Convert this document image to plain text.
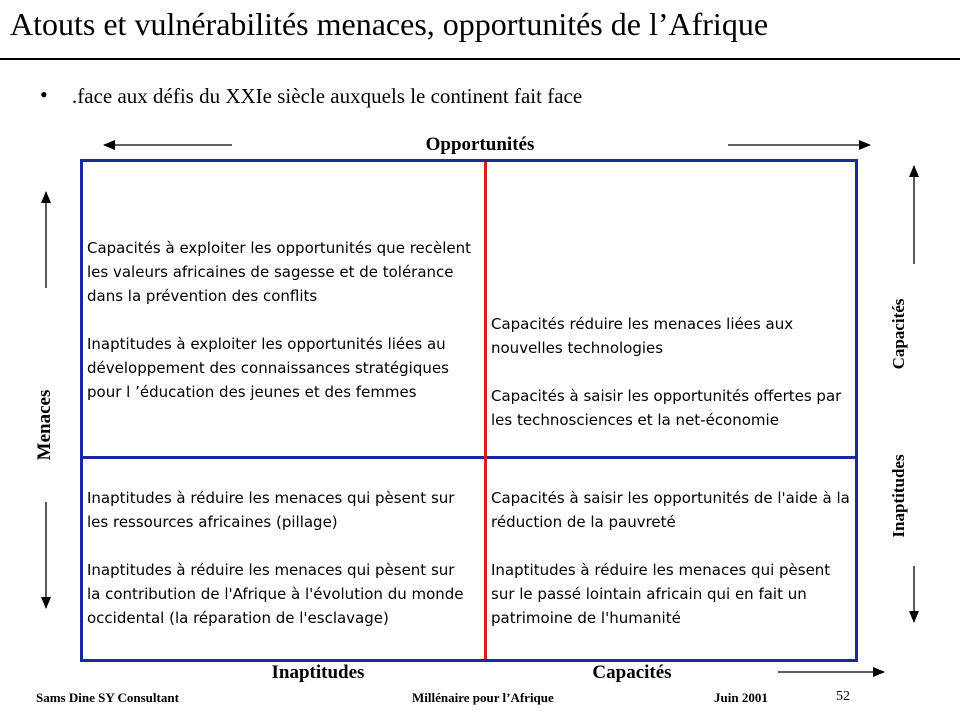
Atouts et vulnérabilités menaces, opportunités de l’Afrique
• .face aux défis du XXIe siècle auxquels le continent fait face
Opportunités
Menaces
Capacités
Inaptitudes
Inaptitudes	Capacités

Capacités à exploiter les opportunités que recèlent les valeurs africaines de sagesse et de tolérance dans la prévention des conflits

Inaptitudes à exploiter les opportunités liées au développement des connaissances stratégiques pour l ’éducation des jeunes et des femmes

Capacités réduire les menaces liées aux nouvelles technologies

Capacités à saisir les opportunités offertes par les technosciences et la net-économie

Inaptitudes à réduire les menaces qui pèsent sur les ressources africaines (pillage)

Inaptitudes à réduire les menaces qui pèsent sur la contribution de l'Afrique à l'évolution du monde occidental (la réparation de l'esclavage)

Capacités à saisir les opportunités de l'aide à la réduction de la pauvreté

Inaptitudes à réduire les menaces qui pèsent sur le passé lointain africain qui en fait un patrimoine de l'humanité

Sams Dine SY Consultant	Millénaire pour l’Afrique	Juin 2001	52
